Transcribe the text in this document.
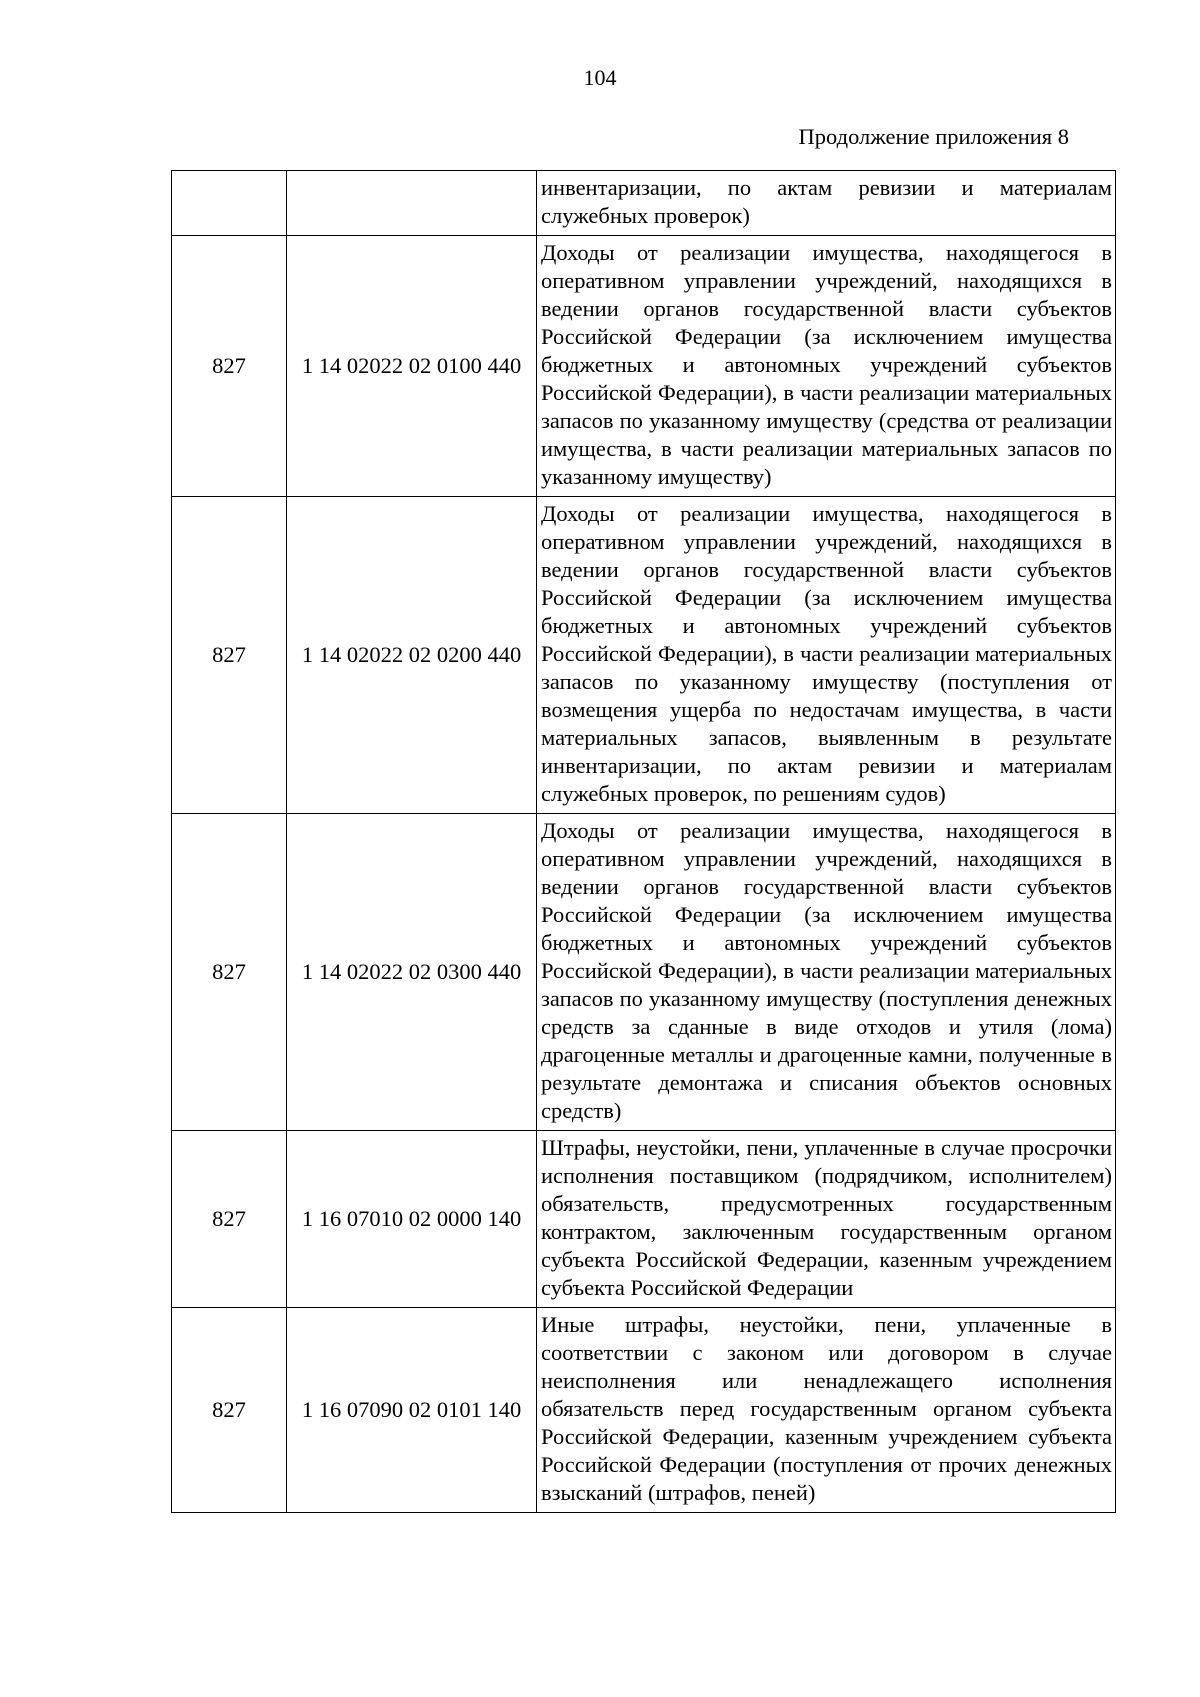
104
Продолжение приложения 8
		инвентаризации, по актам ревизии и материалам служебных проверок)
827	1 14 02022 02 0100 440	Доходы от реализации имущества, находящегося в оперативном управлении учреждений, находящихся в ведении органов государственной власти субъектов Российской Федерации (за исключением имущества бюджетных и автономных учреждений субъектов Российской Федерации), в части реализации материальных запасов по указанному имуществу (средства от реализации имущества, в части реализации материальных запасов по указанному имуществу)
827	1 14 02022 02 0200 440	Доходы от реализации имущества, находящегося в оперативном управлении учреждений, находящихся в ведении органов государственной власти субъектов Российской Федерации (за исключением имущества бюджетных и автономных учреждений субъектов Российской Федерации), в части реализации материальных запасов по указанному имуществу (поступления от возмещения ущерба по недостачам имущества, в части материальных запасов, выявленным в результате инвентаризации, по актам ревизии и материалам служебных проверок, по решениям судов)
827	1 14 02022 02 0300 440	Доходы от реализации имущества, находящегося в оперативном управлении учреждений, находящихся в ведении органов государственной власти субъектов Российской Федерации (за исключением имущества бюджетных и автономных учреждений субъектов Российской Федерации), в части реализации материальных запасов по указанному имуществу (поступления денежных средств за сданные в виде отходов и утиля (лома) драгоценные металлы и драгоценные камни, полученные в результате демонтажа и списания объектов основных средств)
827	1 16 07010 02 0000 140	Штрафы, неустойки, пени, уплаченные в случае просрочки исполнения поставщиком (подрядчиком, исполнителем) обязательств, предусмотренных государственным контрактом, заключенным государственным органом субъекта Российской Федерации, казенным учреждением субъекта Российской Федерации
827	1 16 07090 02 0101 140	Иные штрафы, неустойки, пени, уплаченные в соответствии с законом или договором в случае неисполнения или ненадлежащего исполнения обязательств перед государственным органом субъекта Российской Федерации, казенным учреждением субъекта Российской Федерации (поступления от прочих денежных взысканий (штрафов, пеней)
